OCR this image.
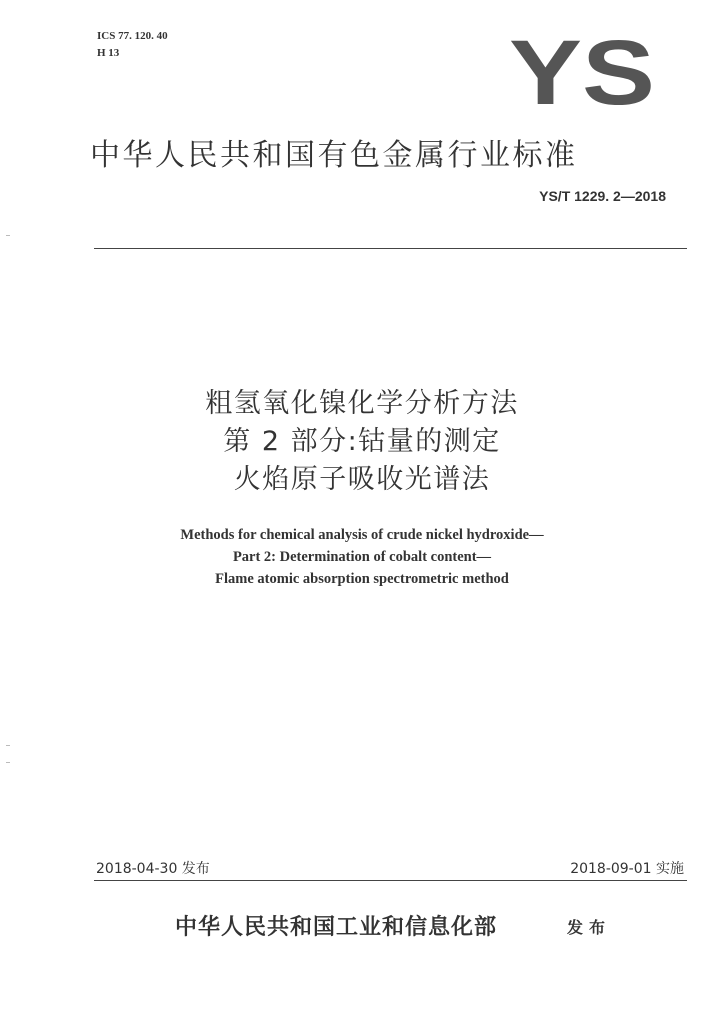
ICS 77. 120. 40
H 13	YS
中华人民共和国有色金属行业标准
YS/T 1229. 2—2018
粗氢氧化镍化学分析方法
第 2 部分:钴量的测定
火焰原子吸收光谱法
Methods for chemical analysis of crude nickel hydroxide—
Part 2: Determination of cobalt content—
Flame atomic absorption spectrometric method
2018-04-30 发布	2018-09-01 实施
中华人民共和国工业和信息化部	发布
